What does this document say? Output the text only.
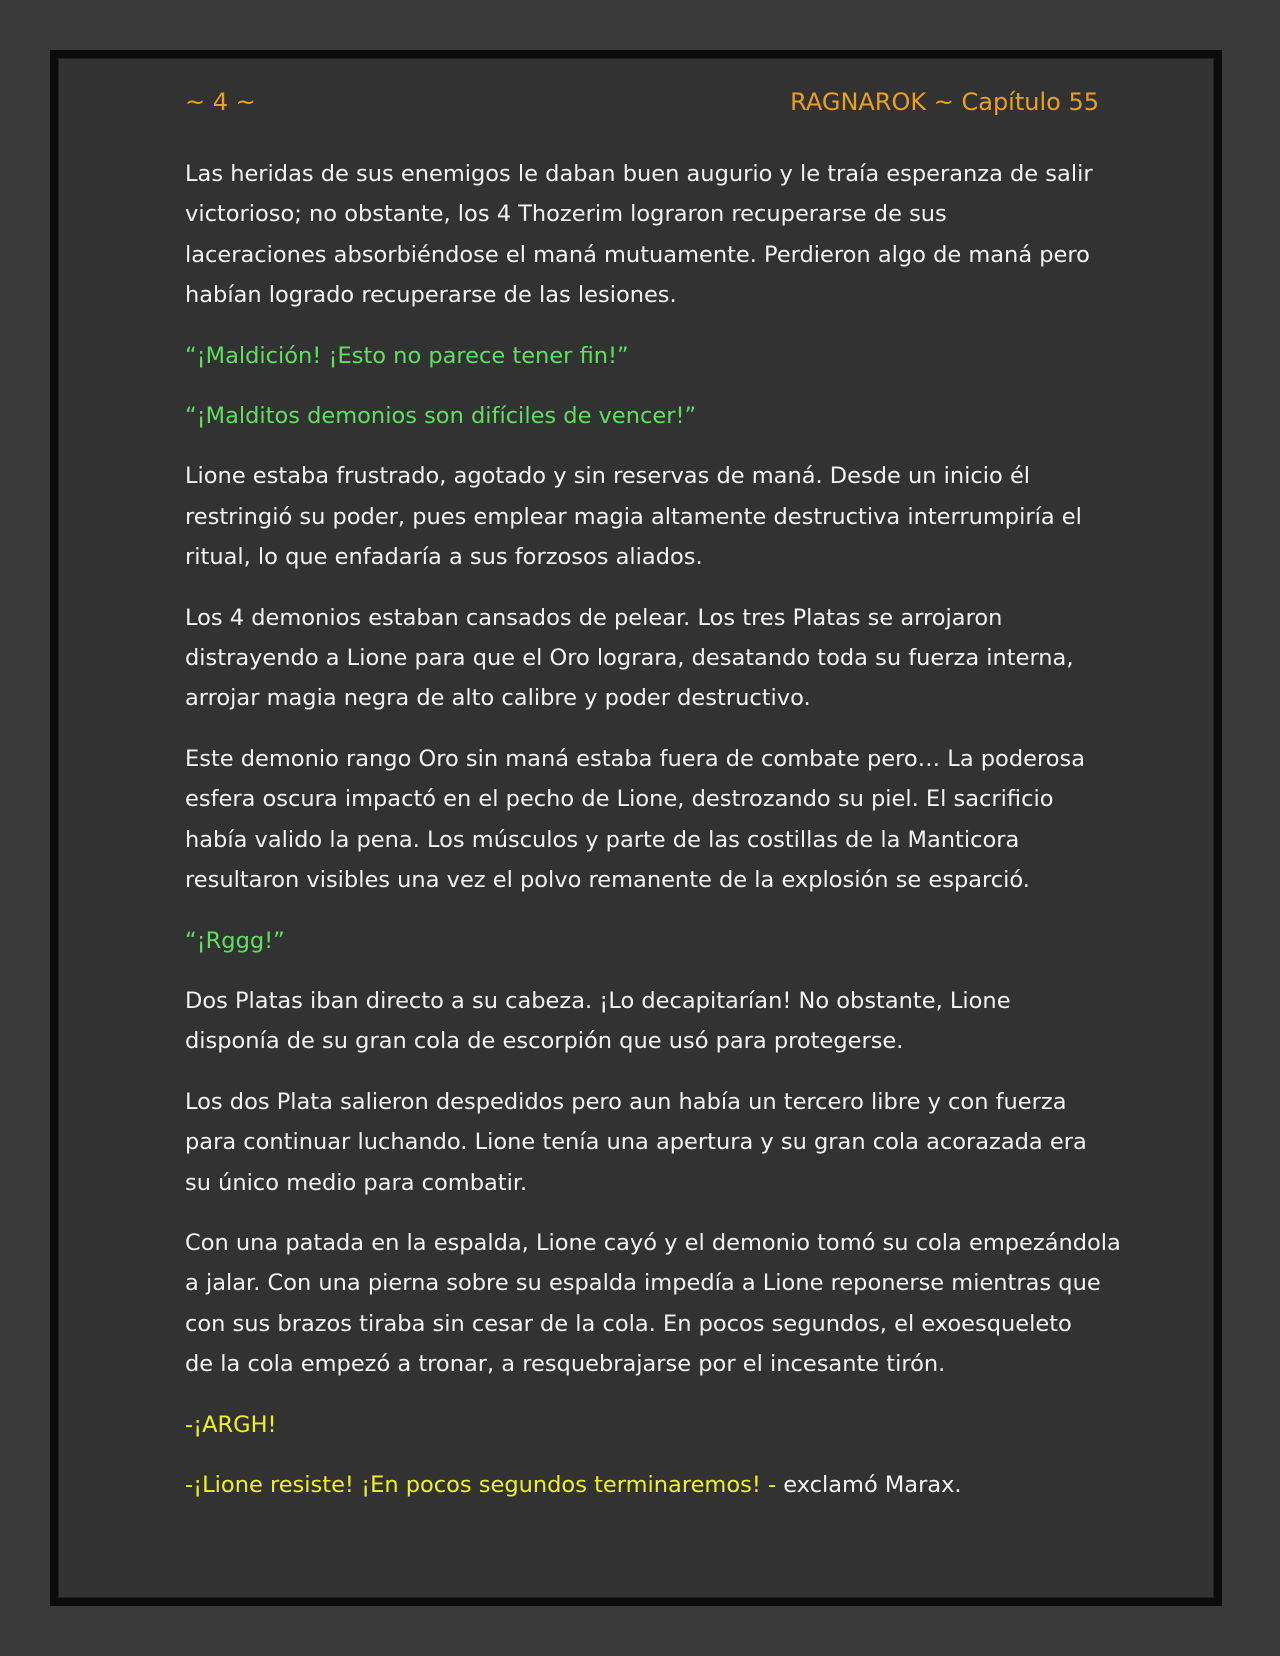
~ 4 ~	RAGNAROK ~ Capítulo 55

Las heridas de sus enemigos le daban buen augurio y le traía esperanza de salir
victorioso; no obstante, los 4 Thozerim lograron recuperarse de sus
laceraciones absorbiéndose el maná mutuamente. Perdieron algo de maná pero
habían logrado recuperarse de las lesiones.

“¡Maldición! ¡Esto no parece tener fin!”

“¡Malditos demonios son difíciles de vencer!”

Lione estaba frustrado, agotado y sin reservas de maná. Desde un inicio él
restringió su poder, pues emplear magia altamente destructiva interrumpiría el
ritual, lo que enfadaría a sus forzosos aliados.

Los 4 demonios estaban cansados de pelear. Los tres Platas se arrojaron
distrayendo a Lione para que el Oro lograra, desatando toda su fuerza interna,
arrojar magia negra de alto calibre y poder destructivo.

Este demonio rango Oro sin maná estaba fuera de combate pero… La poderosa
esfera oscura impactó en el pecho de Lione, destrozando su piel. El sacrificio
había valido la pena. Los músculos y parte de las costillas de la Manticora
resultaron visibles una vez el polvo remanente de la explosión se esparció.

“¡Rggg!”

Dos Platas iban directo a su cabeza. ¡Lo decapitarían! No obstante, Lione
disponía de su gran cola de escorpión que usó para protegerse.

Los dos Plata salieron despedidos pero aun había un tercero libre y con fuerza
para continuar luchando. Lione tenía una apertura y su gran cola acorazada era
su único medio para combatir.

Con una patada en la espalda, Lione cayó y el demonio tomó su cola empezándola
a jalar. Con una pierna sobre su espalda impedía a Lione reponerse mientras que
con sus brazos tiraba sin cesar de la cola. En pocos segundos, el exoesqueleto
de la cola empezó a tronar, a resquebrajarse por el incesante tirón.

-¡ARGH!

-¡Lione resiste! ¡En pocos segundos terminaremos! - exclamó Marax.
